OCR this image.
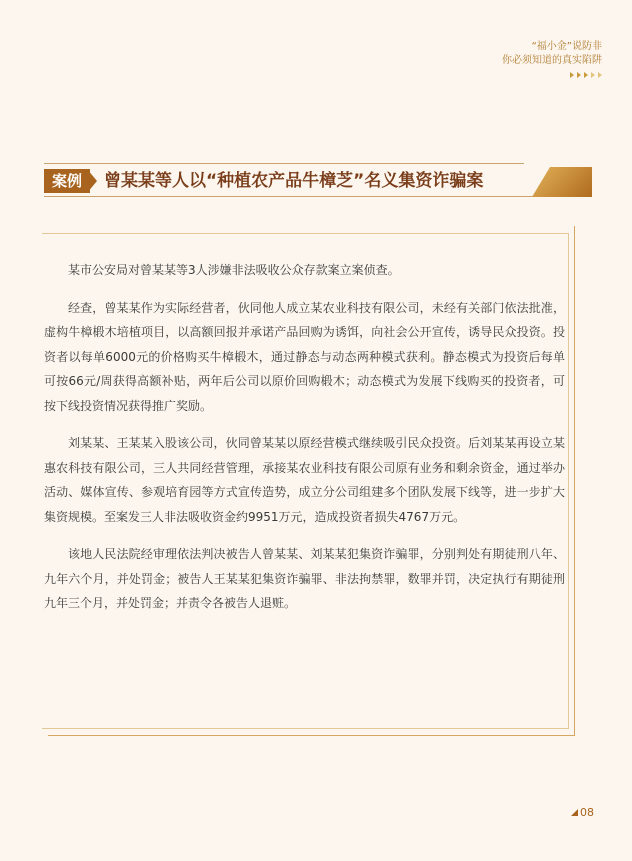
“福小金”说防非
你必须知道的真实陷阱
案例	曾某某等人以“种植农产品牛樟芝”名义集资诈骗案

某市公安局对曾某某等3人涉嫌非法吸收公众存款案立案侦查。

经查，曾某某作为实际经营者，伙同他人成立某农业科技有限公司，未经有关部门依法批准，虚构牛樟椴木培植项目，以高额回报并承诺产品回购为诱饵，向社会公开宣传，诱导民众投资。投资者以每单6000元的价格购买牛樟椴木，通过静态与动态两种模式获利。静态模式为投资后每单可按66元/周获得高额补贴，两年后公司以原价回购椴木；动态模式为发展下线购买的投资者，可按下线投资情况获得推广奖励。

刘某某、王某某入股该公司，伙同曾某某以原经营模式继续吸引民众投资。后刘某某再设立某惠农科技有限公司，三人共同经营管理，承接某农业科技有限公司原有业务和剩余资金，通过举办活动、媒体宣传、参观培育园等方式宣传造势，成立分公司组建多个团队发展下线等，进一步扩大集资规模。至案发三人非法吸收资金约9951万元，造成投资者损失4767万元。

该地人民法院经审理依法判决被告人曾某某、刘某某犯集资诈骗罪，分别判处有期徒刑八年、九年六个月，并处罚金；被告人王某某犯集资诈骗罪、非法拘禁罪，数罪并罚，决定执行有期徒刑九年三个月，并处罚金；并责令各被告人退赃。

08
